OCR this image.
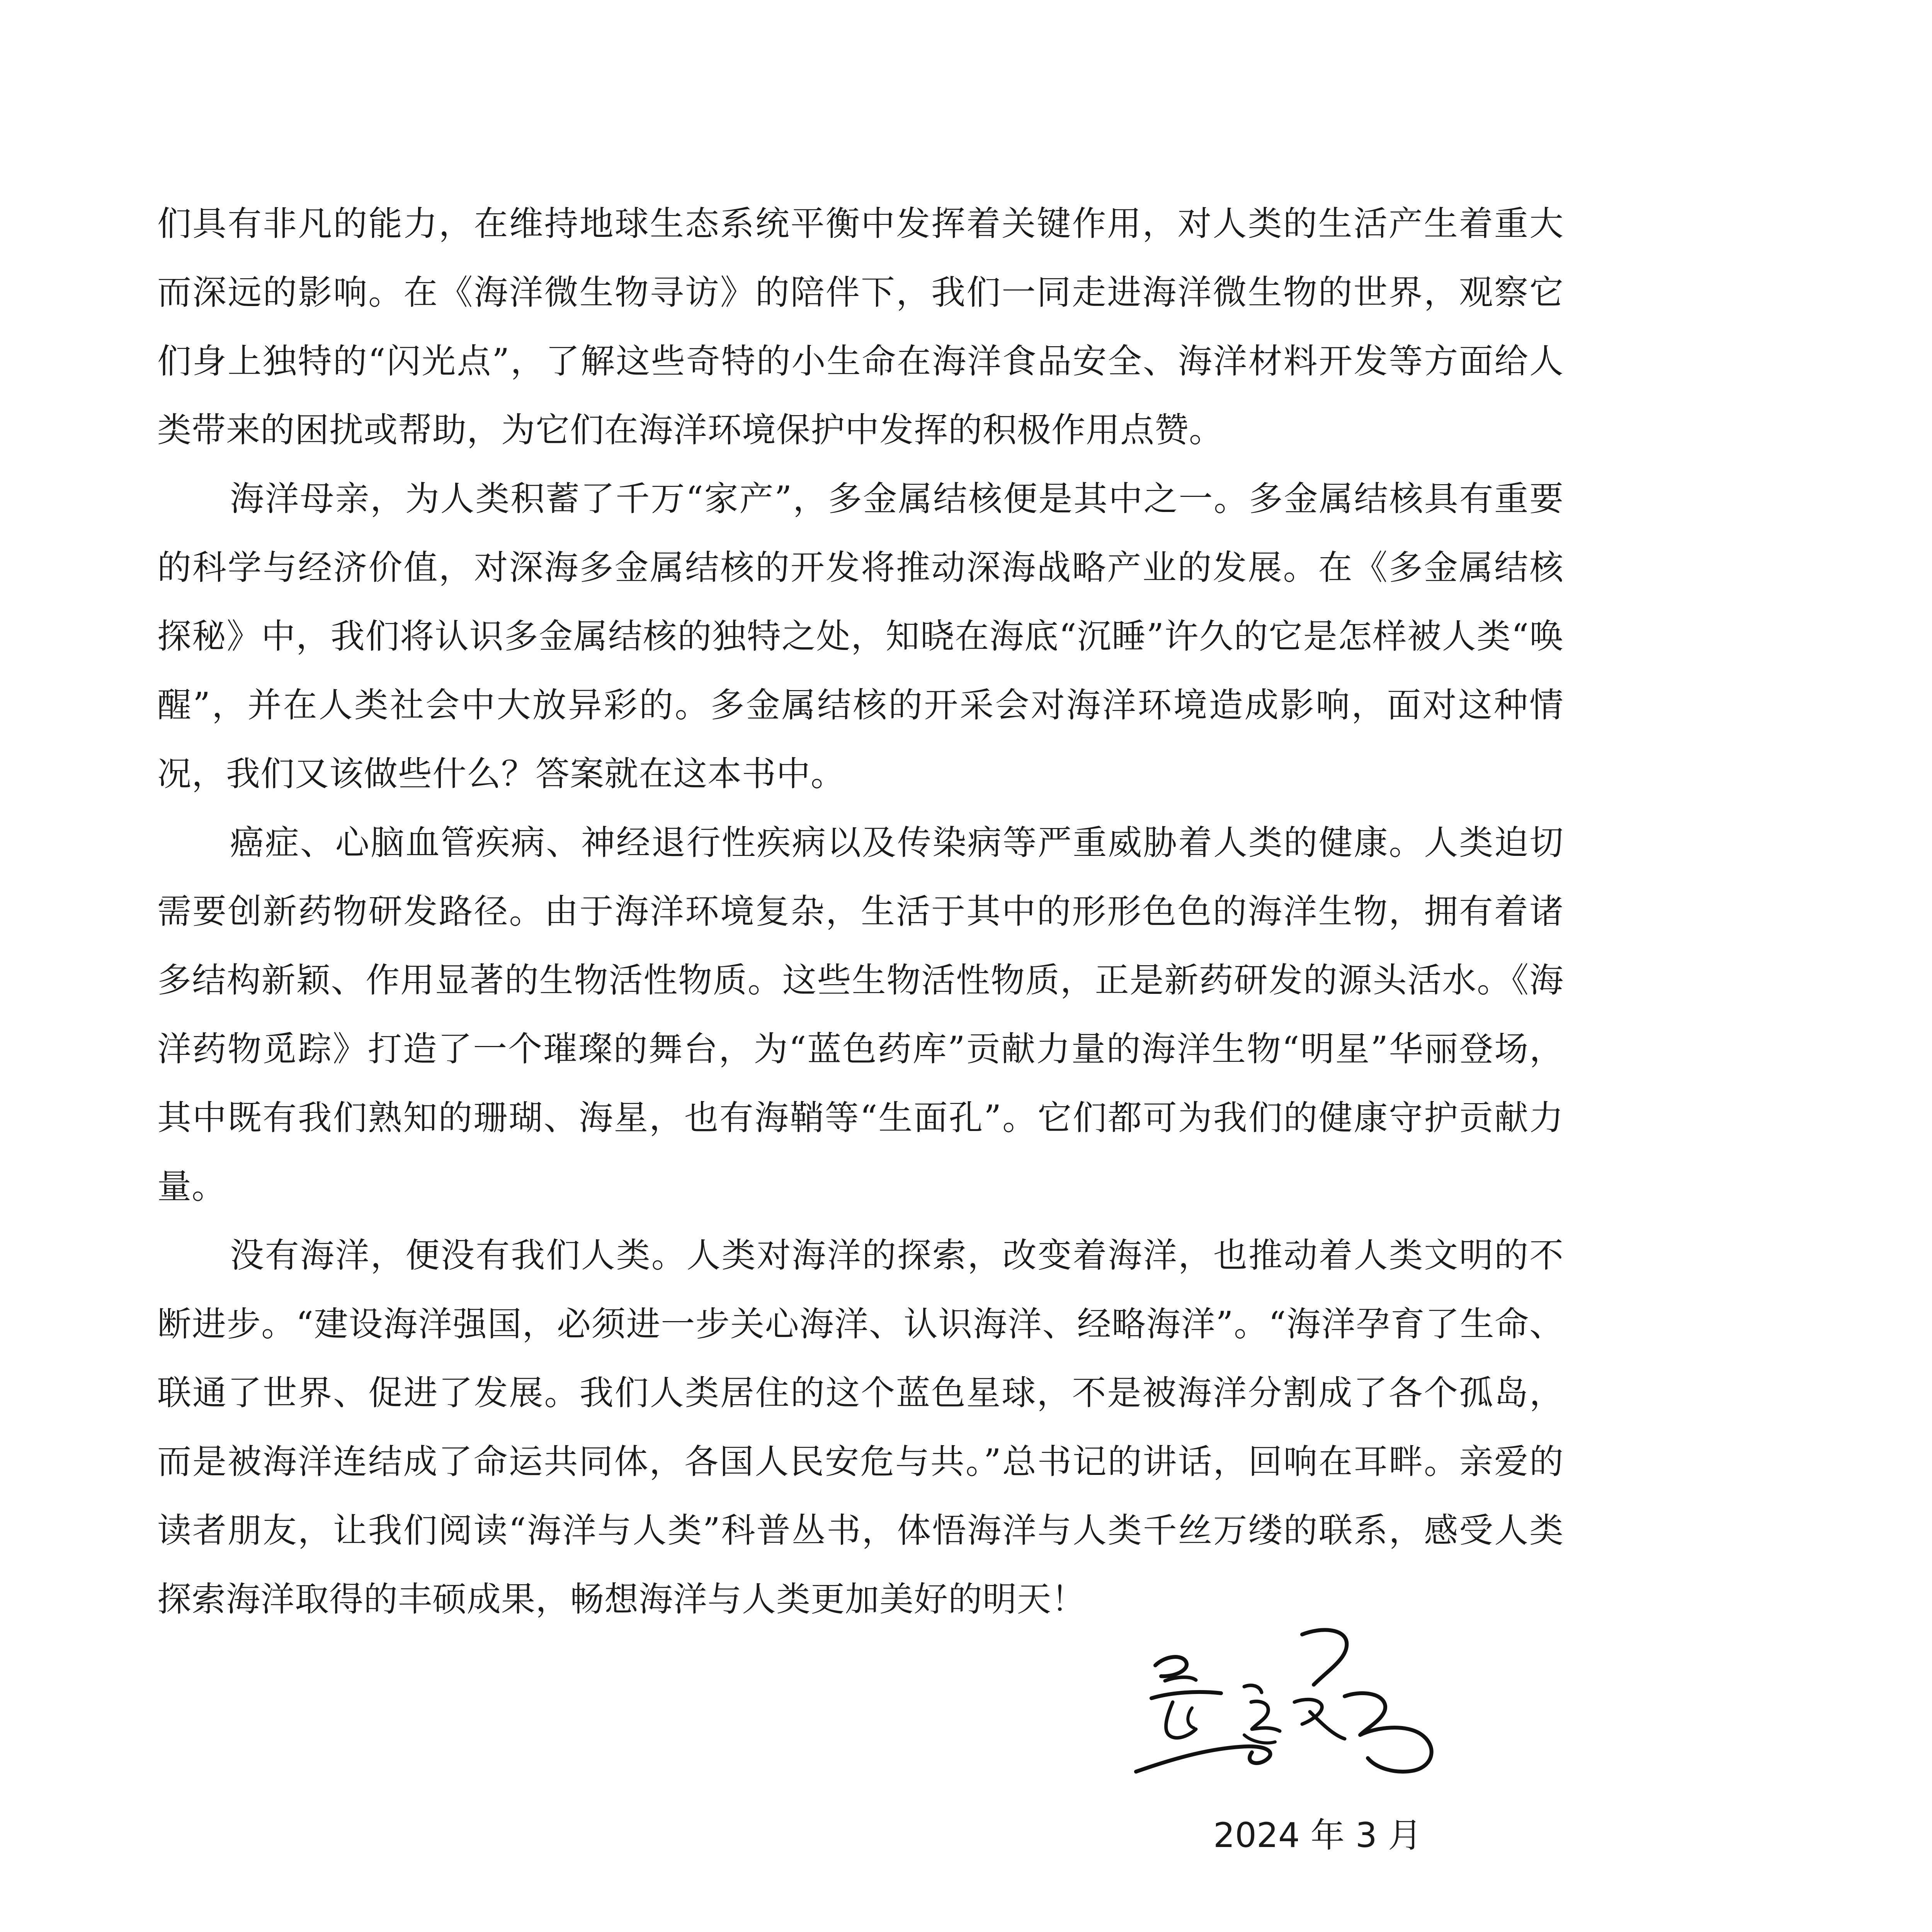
们具有非凡的能力，在维持地球生态系统平衡中发挥着关键作用，对人类的生活产生着重大而深远的影响。在《海洋微生物寻访》的陪伴下，我们一同走进海洋微生物的世界，观察它们身上独特的“闪光点”，了解这些奇特的小生命在海洋食品安全、海洋材料开发等方面给人类带来的困扰或帮助，为它们在海洋环境保护中发挥的积极作用点赞。

海洋母亲，为人类积蓄了千万“家产”，多金属结核便是其中之一。多金属结核具有重要的科学与经济价值，对深海多金属结核的开发将推动深海战略产业的发展。在《多金属结核探秘》中，我们将认识多金属结核的独特之处，知晓在海底“沉睡”许久的它是怎样被人类“唤醒”，并在人类社会中大放异彩的。多金属结核的开采会对海洋环境造成影响，面对这种情况，我们又该做些什么？答案就在这本书中。

癌症、心脑血管疾病、神经退行性疾病以及传染病等严重威胁着人类的健康。人类迫切需要创新药物研发路径。由于海洋环境复杂，生活于其中的形形色色的海洋生物，拥有着诸多结构新颖、作用显著的生物活性物质。这些生物活性物质，正是新药研发的源头活水。《海洋药物觅踪》打造了一个璀璨的舞台，为“蓝色药库”贡献力量的海洋生物“明星”华丽登场，其中既有我们熟知的珊瑚、海星，也有海鞘等“生面孔”。它们都可为我们的健康守护贡献力量。

没有海洋，便没有我们人类。人类对海洋的探索，改变着海洋，也推动着人类文明的不断进步。“建设海洋强国，必须进一步关心海洋、认识海洋、经略海洋”。“海洋孕育了生命、联通了世界、促进了发展。我们人类居住的这个蓝色星球，不是被海洋分割成了各个孤岛，而是被海洋连结成了命运共同体，各国人民安危与共。”总书记的讲话，回响在耳畔。亲爱的读者朋友，让我们阅读“海洋与人类”科普丛书，体悟海洋与人类千丝万缕的联系，感受人类探索海洋取得的丰硕成果，畅想海洋与人类更加美好的明天！

2024 年 3 月
